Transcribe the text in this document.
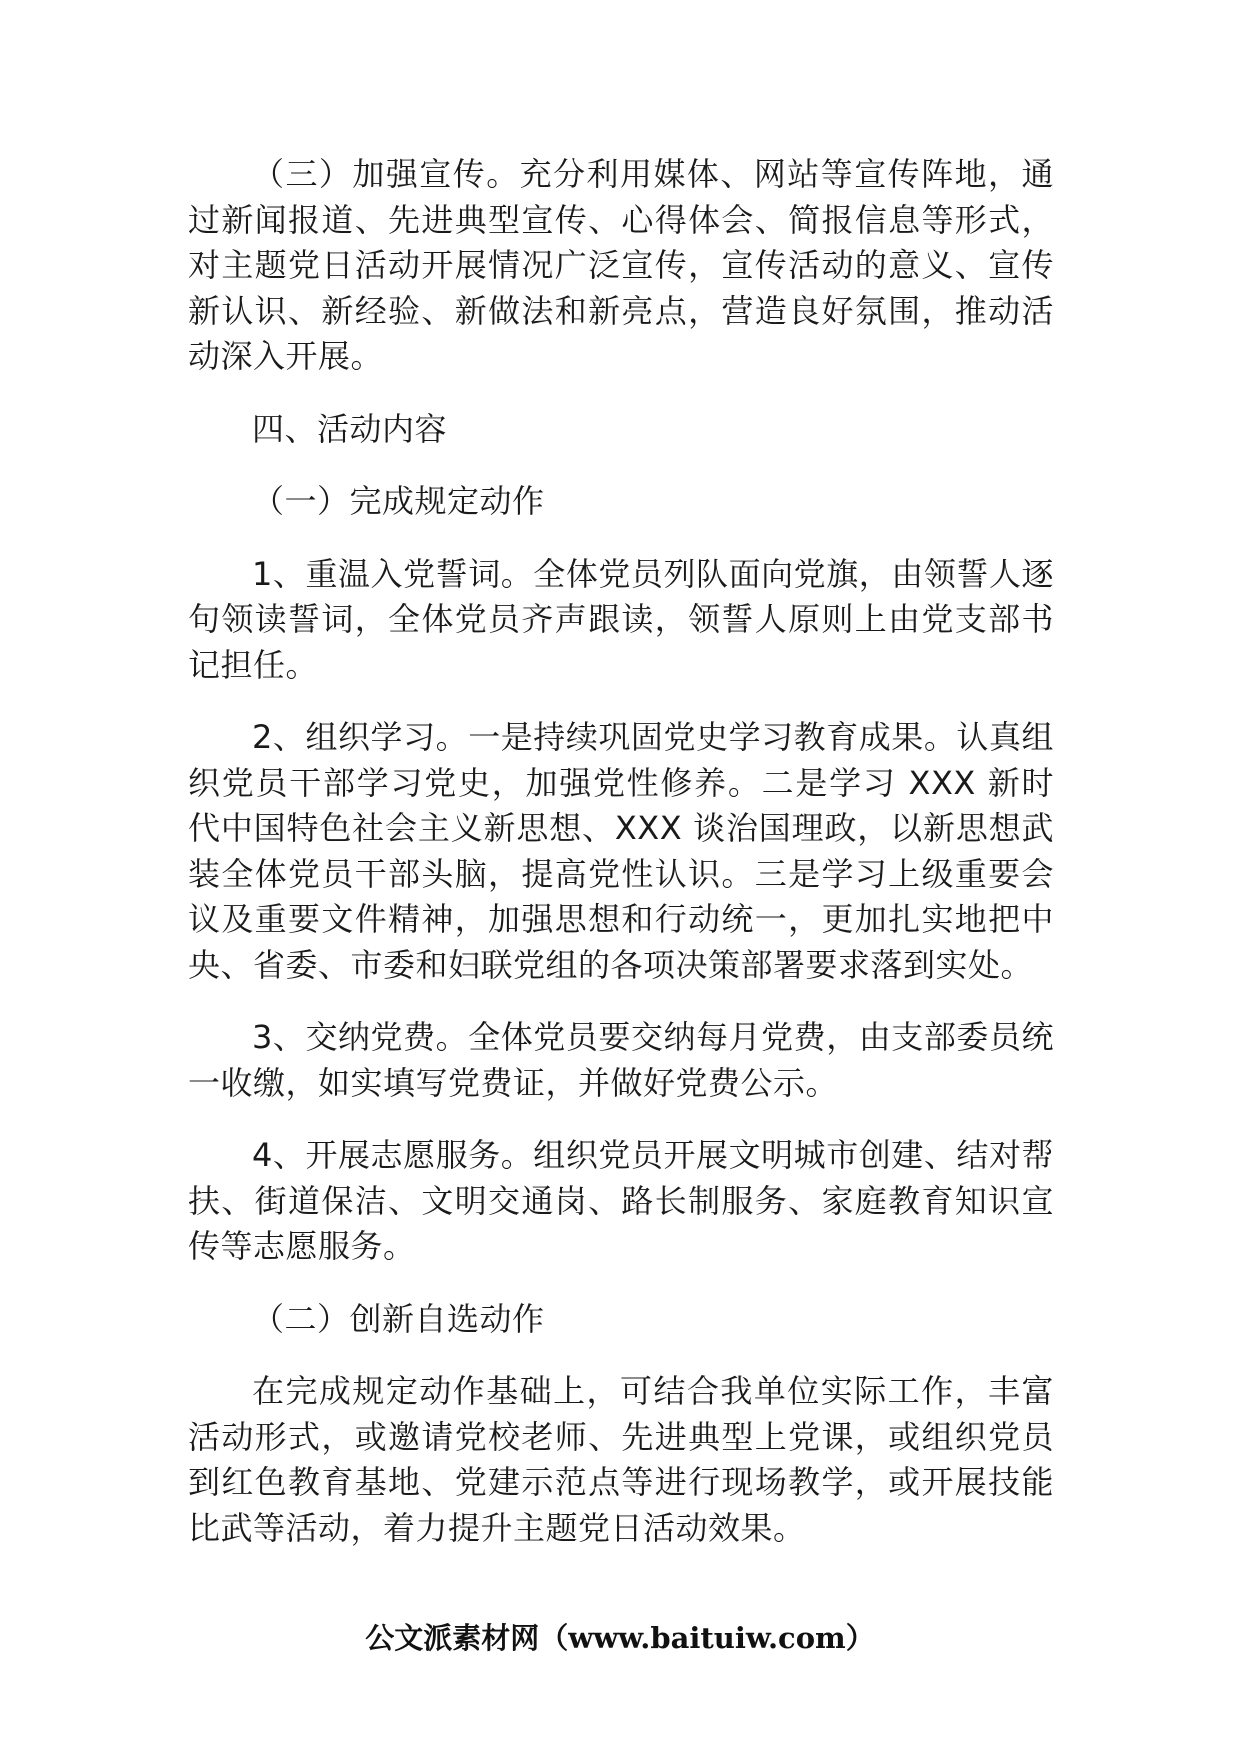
（三）加强宣传。充分利用媒体、网站等宣传阵地，通过新闻报道、先进典型宣传、心得体会、简报信息等形式，对主题党日活动开展情况广泛宣传，宣传活动的意义、宣传新认识、新经验、新做法和新亮点，营造良好氛围，推动活动深入开展。

四、活动内容

（一）完成规定动作

1、重温入党誓词。全体党员列队面向党旗，由领誓人逐句领读誓词，全体党员齐声跟读，领誓人原则上由党支部书记担任。

2、组织学习。一是持续巩固党史学习教育成果。认真组织党员干部学习党史，加强党性修养。二是学习 XXX 新时代中国特色社会主义新思想、XXX 谈治国理政，以新思想武装全体党员干部头脑，提高党性认识。三是学习上级重要会议及重要文件精神，加强思想和行动统一，更加扎实地把中央、省委、市委和妇联党组的各项决策部署要求落到实处。

3、交纳党费。全体党员要交纳每月党费，由支部委员统一收缴，如实填写党费证，并做好党费公示。

4、开展志愿服务。组织党员开展文明城市创建、结对帮扶、街道保洁、文明交通岗、路长制服务、家庭教育知识宣传等志愿服务。

（二）创新自选动作

在完成规定动作基础上，可结合我单位实际工作，丰富活动形式，或邀请党校老师、先进典型上党课，或组织党员到红色教育基地、党建示范点等进行现场教学，或开展技能比武等活动，着力提升主题党日活动效果。

公文派素材网（www.baituiw.com）
